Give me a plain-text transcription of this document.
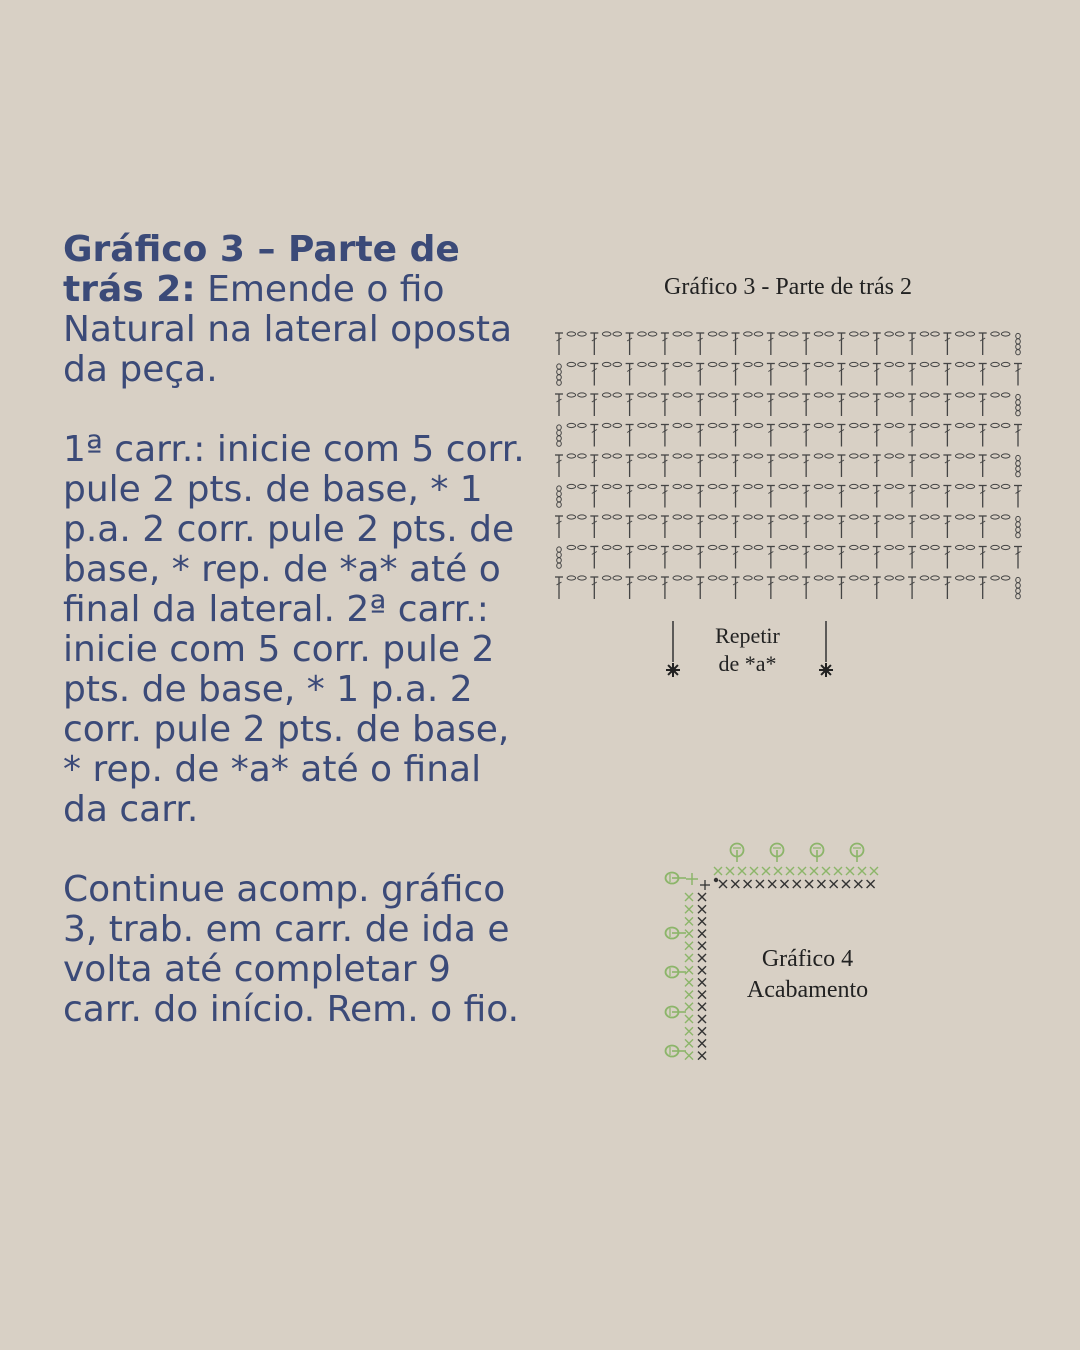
Gráfico 3 – Parte de trás 2: Emende o fio Natural na lateral oposta da peça.

1ª carr.: inicie com 5 corr. pule 2 pts. de base, * 1 p.a. 2 corr. pule 2 pts. de base, * rep. de *a* até o final da lateral. 2ª carr.: inicie com 5 corr. pule 2 pts. de base, * 1 p.a. 2 corr. pule 2 pts. de base, * rep. de *a* até o final da carr.

Continue acomp. gráfico 3, trab. em carr. de ida e volta até completar 9 carr. do início. Rem. o fio.

Gráfico 3 - Parte de trás 2
Repetir
de *a*
Gráfico 4
Acabamento
